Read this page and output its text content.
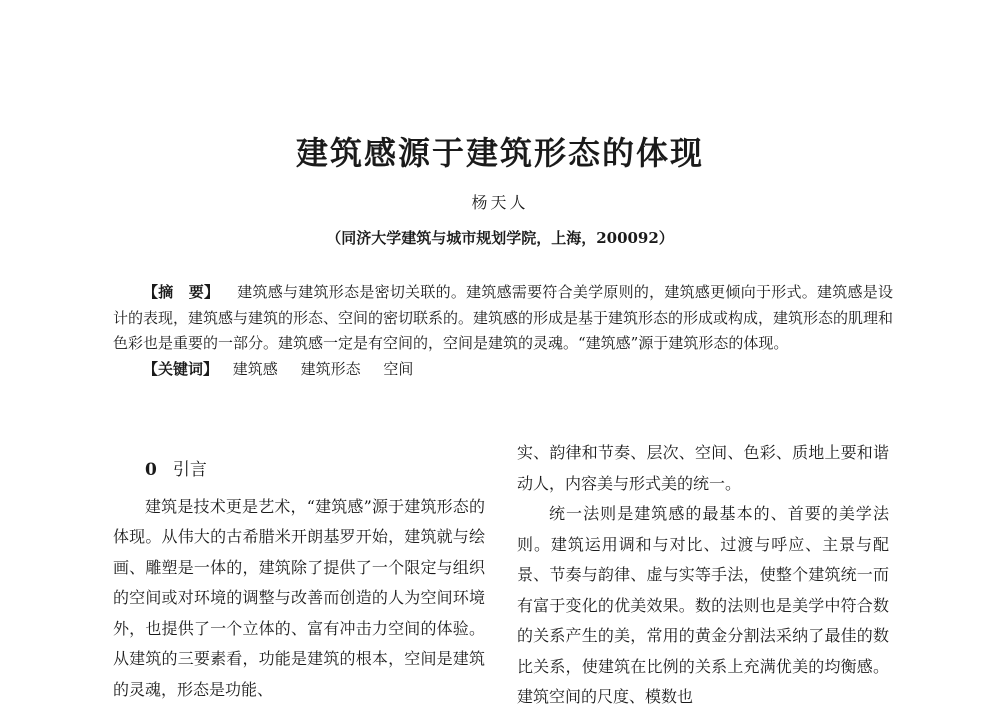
建筑感源于建筑形态的体现
杨天人
（同济大学建筑与城市规划学院，上海，200092）

【摘　要】 建筑感与建筑形态是密切关联的。建筑感需要符合美学原则的，建筑感更倾向于形式。建筑感是设计的表现，建筑感与建筑的形态、空间的密切联系的。建筑感的形成是基于建筑形态的形成或构成，建筑形态的肌理和色彩也是重要的一部分。建筑感一定是有空间的，空间是建筑的灵魂。“建筑感”源于建筑形态的体现。

【关键词】 建筑感 建筑形态 空间

0 引言

建筑是技术更是艺术，“建筑感”源于建筑形态的体现。从伟大的古希腊米开朗基罗开始，建筑就与绘画、雕塑是一体的，建筑除了提供了一个限定与组织的空间或对环境的调整与改善而创造的人为空间环境外，也提供了一个立体的、富有冲击力空间的体验。从建筑的三要素看，功能是建筑的根本，空间是建筑的灵魂，形态是功能、

实、韵律和节奏、层次、空间、色彩、质地上要和谐动人，内容美与形式美的统一。

统一法则是建筑感的最基本的、首要的美学法则。建筑运用调和与对比、过渡与呼应、主景与配景、节奏与韵律、虚与实等手法，使整个建筑统一而有富于变化的优美效果。数的法则也是美学中符合数的关系产生的美，常用的黄金分割法采纳了最佳的数比关系，使建筑在比例的关系上充满优美的均衡感。建筑空间的尺度、模数也
